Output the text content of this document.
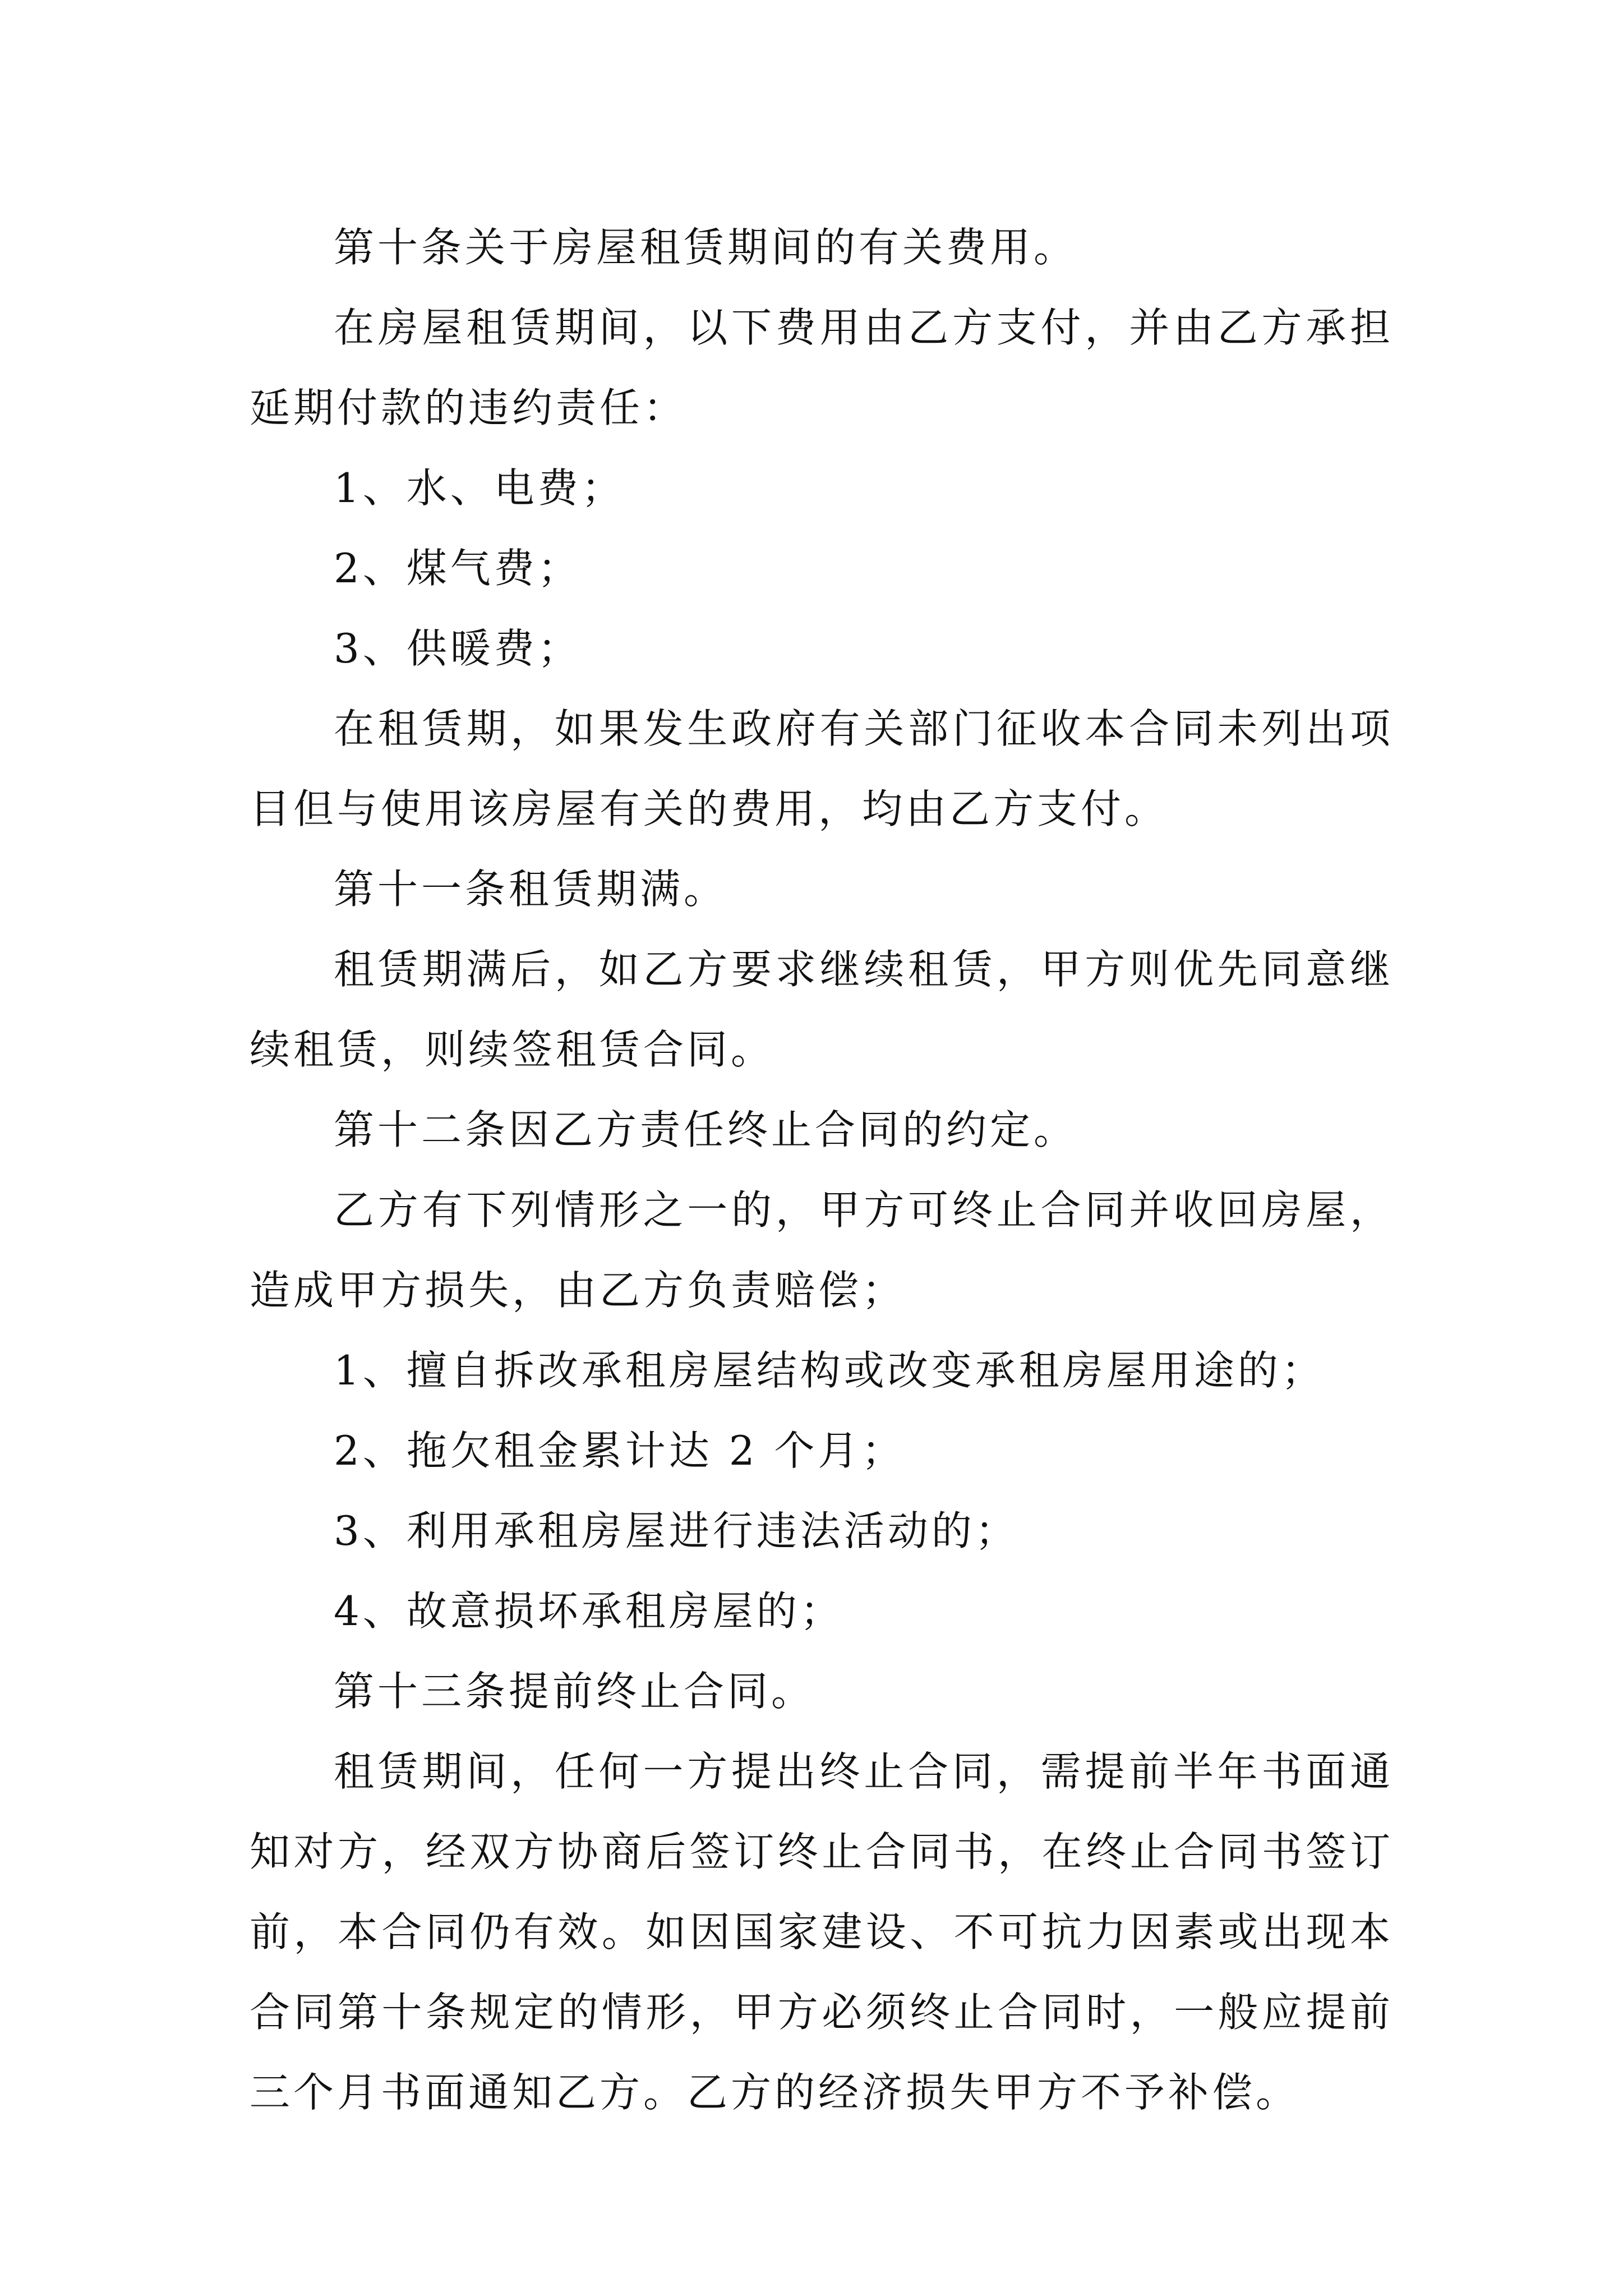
第十条关于房屋租赁期间的有关费用。

在房屋租赁期间，以下费用由乙方支付，并由乙方承担延期付款的违约责任：

1、水、电费；

2、煤气费；

3、供暖费；

在租赁期，如果发生政府有关部门征收本合同未列出项目但与使用该房屋有关的费用，均由乙方支付。

第十一条租赁期满。

租赁期满后，如乙方要求继续租赁，甲方则优先同意继续租赁，则续签租赁合同。

第十二条因乙方责任终止合同的约定。

乙方有下列情形之一的，甲方可终止合同并收回房屋，造成甲方损失，由乙方负责赔偿；

1、擅自拆改承租房屋结构或改变承租房屋用途的；

2、拖欠租金累计达 2 个月；

3、利用承租房屋进行违法活动的；

4、故意损坏承租房屋的；

第十三条提前终止合同。

租赁期间，任何一方提出终止合同，需提前半年书面通知对方，经双方协商后签订终止合同书，在终止合同书签订前，本合同仍有效。如因国家建设、不可抗力因素或出现本合同第十条规定的情形，甲方必须终止合同时，一般应提前三个月书面通知乙方。乙方的经济损失甲方不予补偿。
